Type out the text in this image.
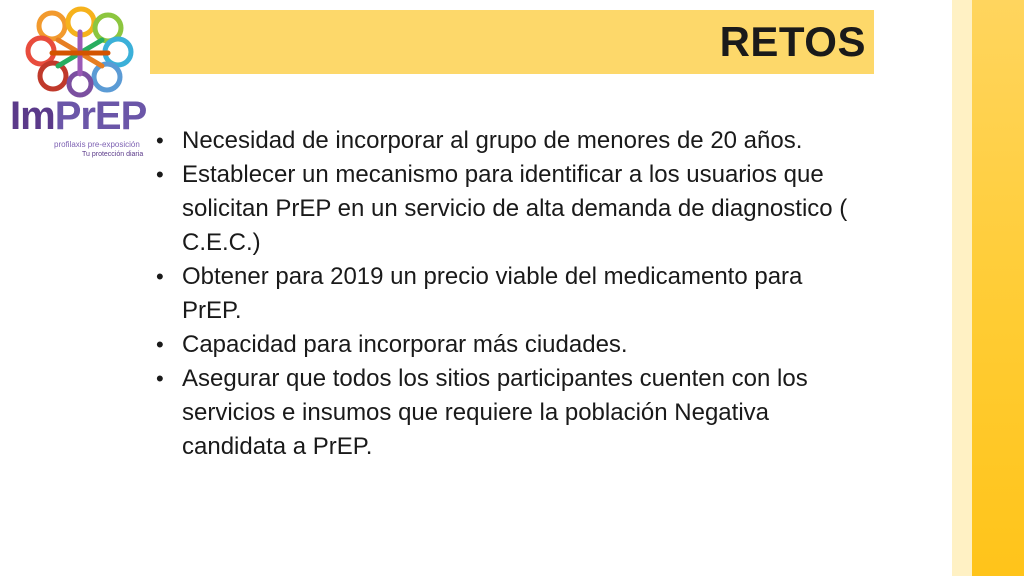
ImPrEP
profilaxis pre-exposición
Tu protección diaria
RETOS
• Necesidad de incorporar al grupo de menores de 20 años.
• Establecer un mecanismo para identificar a los usuarios que solicitan PrEP en un servicio de alta demanda de diagnostico ( C.E.C.)
• Obtener para 2019 un precio viable del medicamento para PrEP.
• Capacidad para incorporar más ciudades.
• Asegurar que todos los sitios participantes cuenten con los servicios e insumos que requiere la población Negativa candidata a PrEP.
